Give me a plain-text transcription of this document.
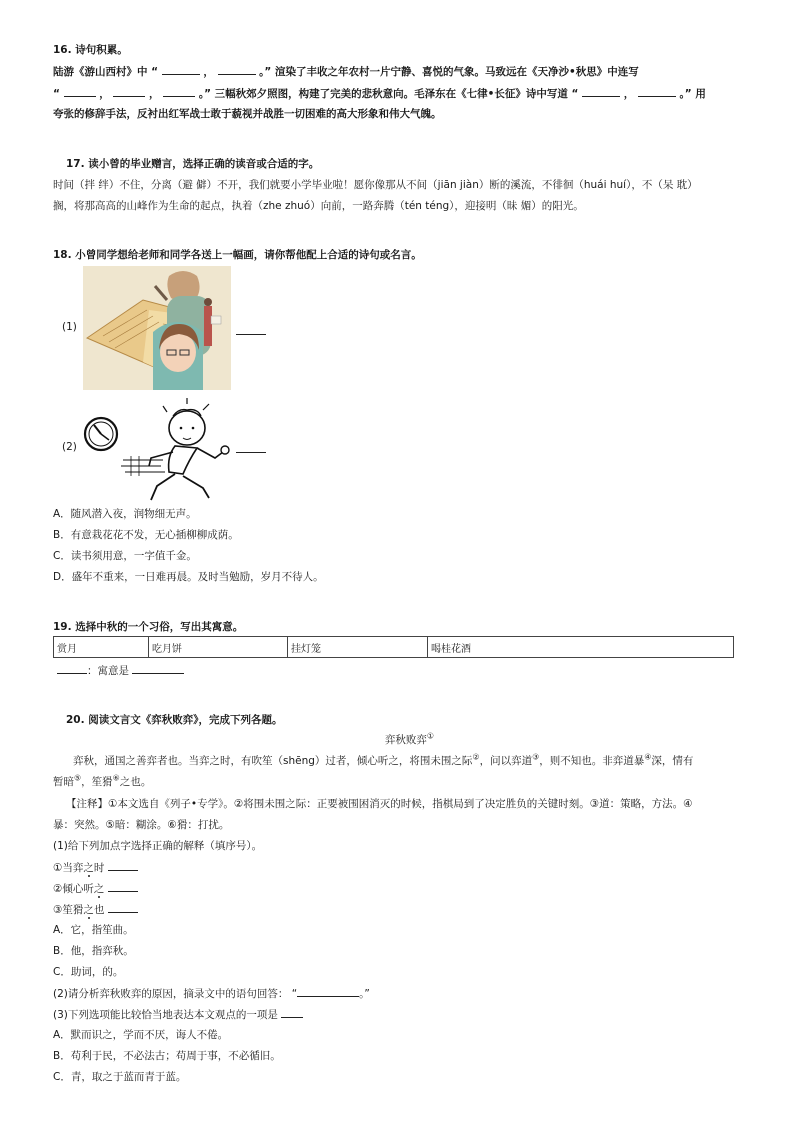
16. 诗句积累。
陆游《游山西村》中 “	，	。” 渲染了丰收之年农村一片宁静、喜悦的气象。马致远在《天净沙•秋思》中连写
“	，	，	。” 三幅秋郊夕照图，构建了完美的悲秋意向。毛泽东在《七律•长征》诗中写道 “	，	。” 用
夸张的修辞手法，反衬出红军战士敢于藐视并战胜一切困难的高大形象和伟大气魄。
17. 读小曾的毕业赠言，选择正确的读音或合适的字。
时间（拌 绊）不住，分离（避 僻）不开，我们就要小学毕业啦！愿你像那从不间（jiān jiàn）断的溪流，不徘徊（huái huí），不（呆 耽）
搁，将那高高的山峰作为生命的起点，执着（zhe zhuó）向前，一路奔腾（tén téng），迎接明（昧 媚）的阳光。
18. 小曾同学想给老师和同学各送上一幅画，请你帮他配上合适的诗句或名言。
(1)
(2)
A．随风潜入夜，润物细无声。
B．有意栽花花不发，无心插柳柳成荫。
C．读书须用意，一字值千金。
D．盛年不重来，一日难再晨。及时当勉励，岁月不待人。
19. 选择中秋的一个习俗，写出其寓意。
赏月	吃月饼	挂灯笼	喝桂花酒
：寓意是
20. 阅读文言文《弈秋败弈》，完成下列各题。
弈秋败弈①
弈秋，通国之善弈者也。当弈之时，有吹笙（shēng）过者，倾心听之，将围未围之际②，问以弈道③，则不知也。非弈道暴④深，情有
暂暗⑤，笙猾⑥之也。
【注释】①本文选自《列子•专学》。②将围未围之际：正要被围困消灭的时候，指棋局到了决定胜负的关键时刻。③道：策略，方法。④
暴：突然。⑤暗：糊涂。⑥猾：打扰。
(1)给下列加点字选择正确的解释（填序号）。
①当弈之时
②倾心听之
③笙猾之也
A．它，指笙曲。
B．他，指弈秋。
C．助词，的。
(2)请分析弈秋败弈的原因，摘录文中的语句回答： “	。”
(3)下列选项能比较恰当地表达本文观点的一项是
A．默而识之，学而不厌，诲人不倦。
B．苟利于民，不必法古；苟周于事，不必循旧。
C．青，取之于蓝而青于蓝。
